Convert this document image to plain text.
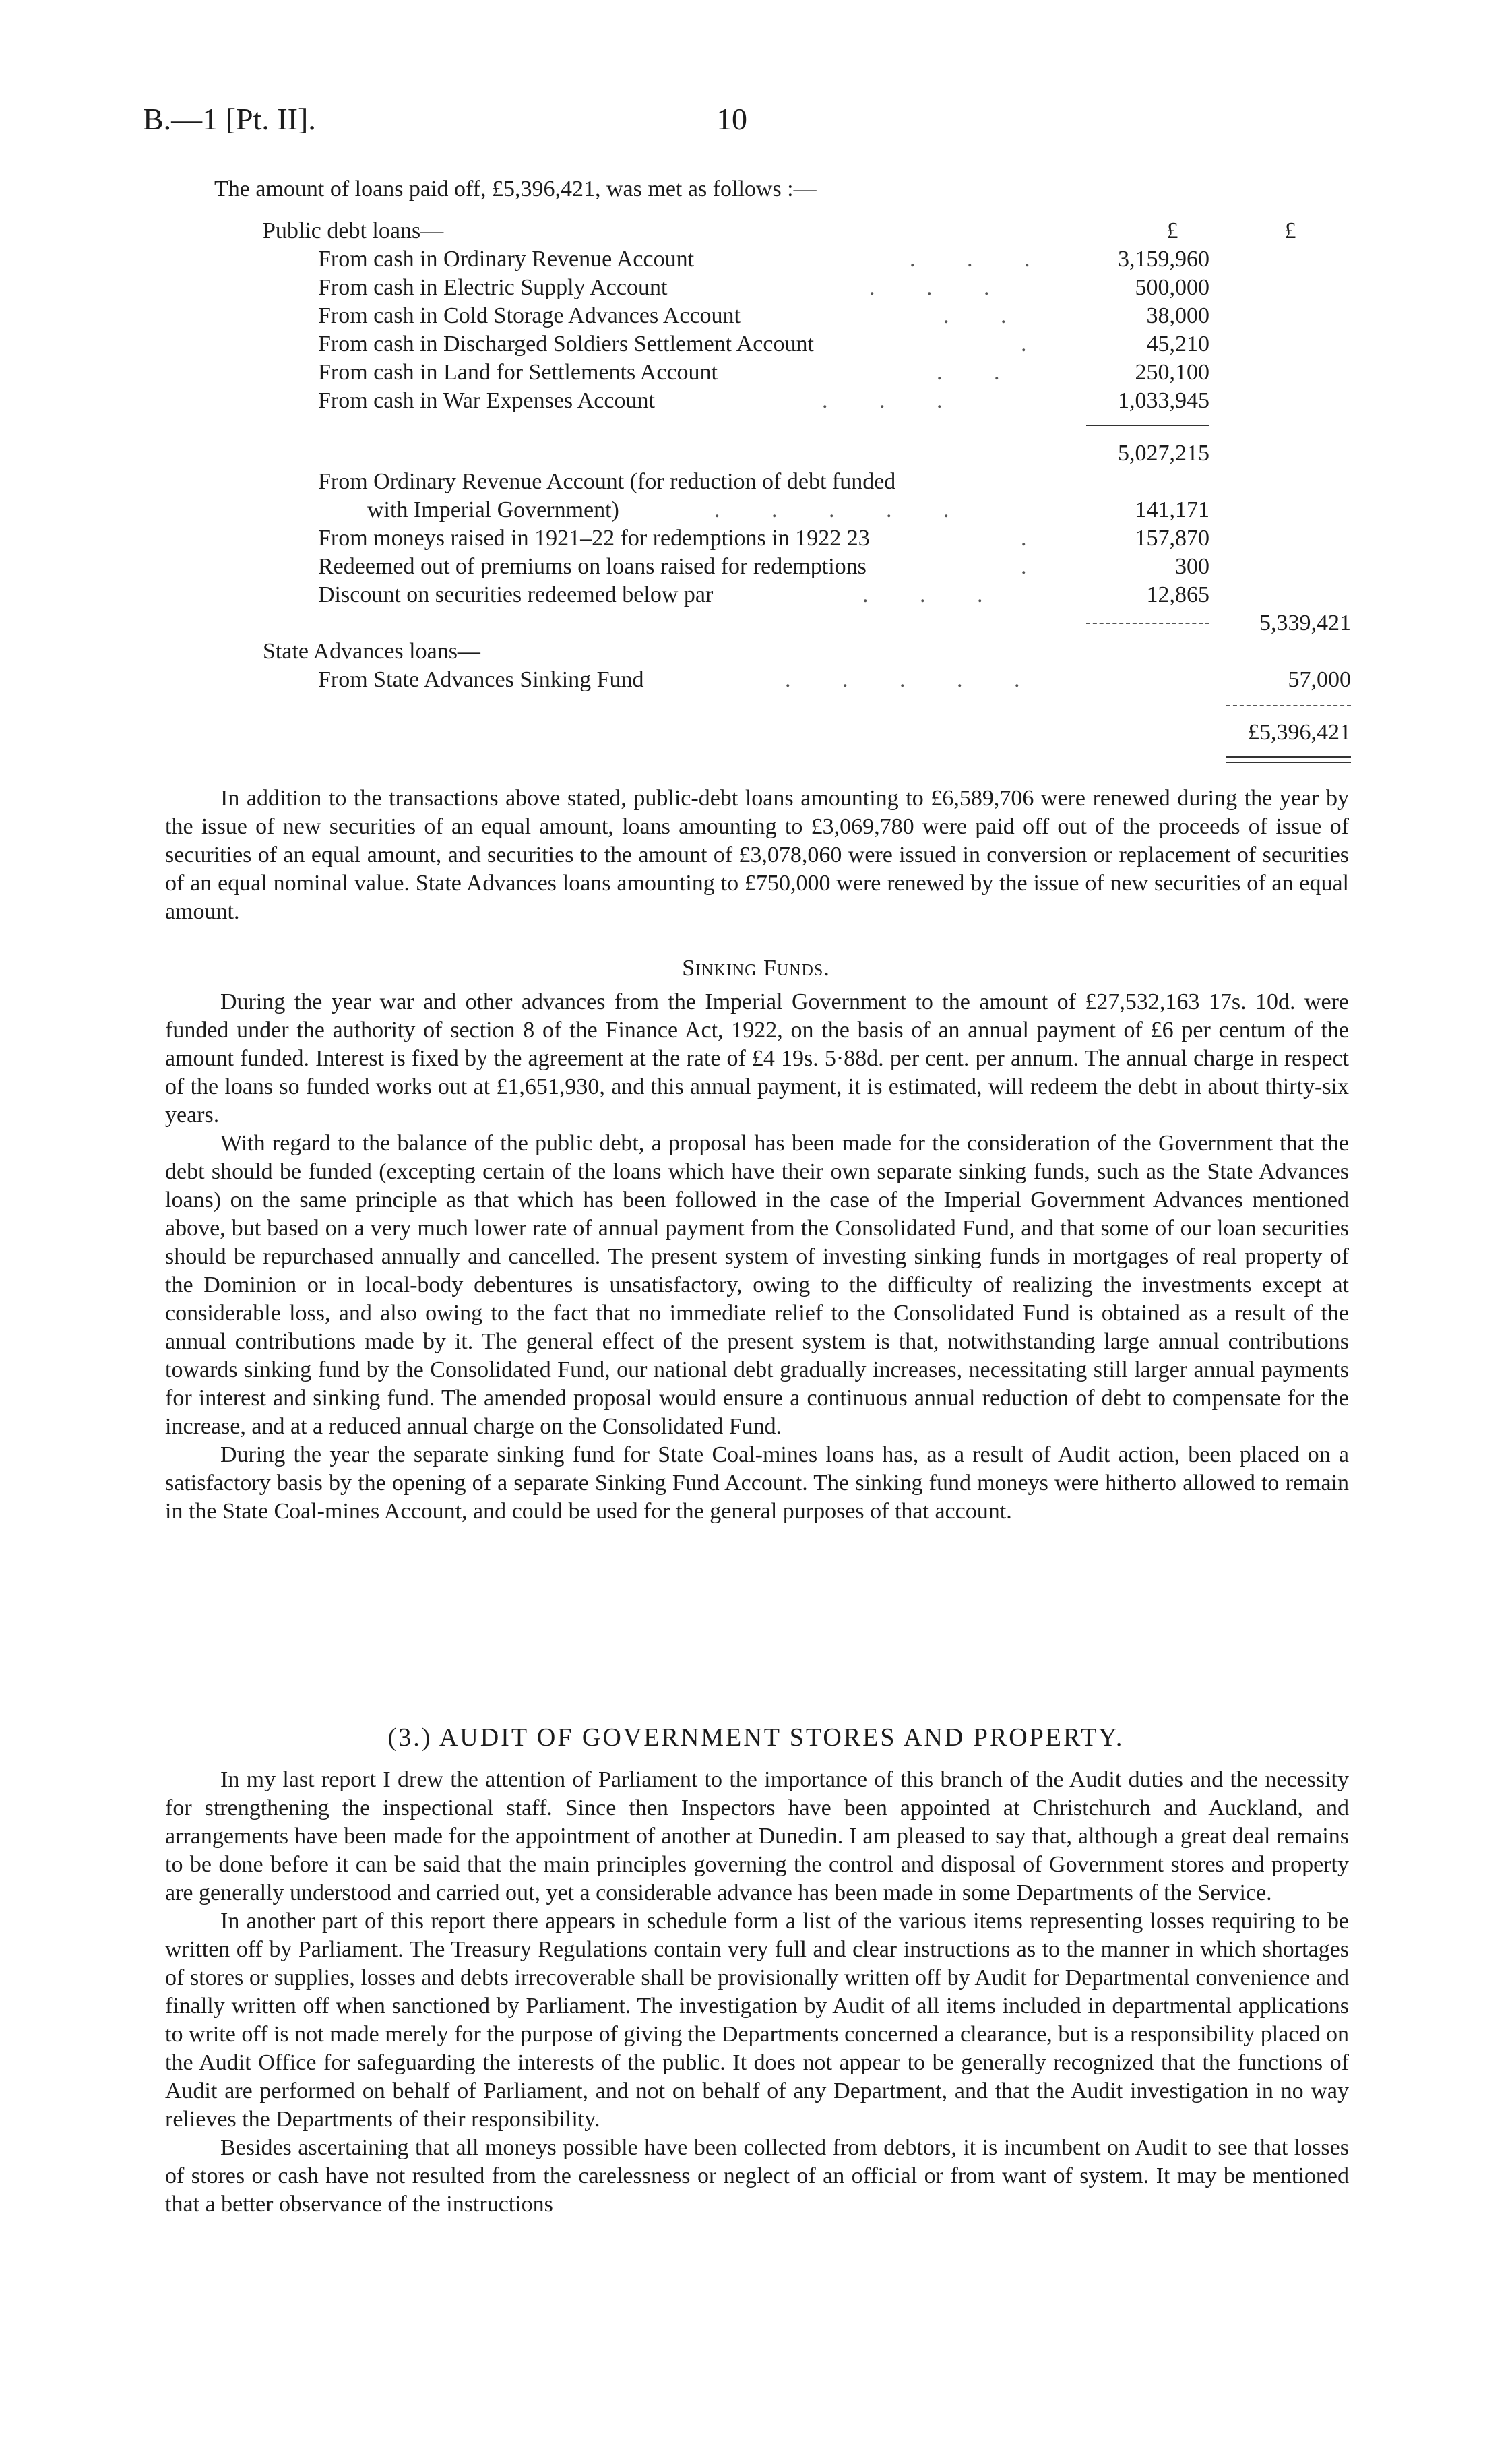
B.—1 [Pt. II].	10
The amount of loans paid off, £5,396,421, was met as follows :—
Public debt loans—	£	£
From cash in Ordinary Revenue Account	. . .	3,159,960
From cash in Electric Supply Account	. . .	500,000
From cash in Cold Storage Advances Account	. .	38,000
From cash in Discharged Soldiers Settlement Account	.	45,210
From cash in Land for Settlements Account	. .	250,100
From cash in War Expenses Account	. . .	1,033,945
5,027,215
From Ordinary Revenue Account (for reduction of debt funded
with Imperial Government)	. . . . .	141,171
From moneys raised in 1921–22 for redemptions in 1922 23	.	157,870
Redeemed out of premiums on loans raised for redemptions	.	300
Discount on securities redeemed below par	. . .	12,865
5,339,421
State Advances loans—
From State Advances Sinking Fund	. . . . .	57,000
£5,396,421

In addition to the transactions above stated, public-debt loans amounting to £6,589,706 were renewed during the year by the issue of new securities of an equal amount, loans amounting to £3,069,780 were paid off out of the proceeds of issue of securities of an equal amount, and securities to the amount of £3,078,060 were issued in conversion or replacement of securities of an equal nominal value. State Advances loans amounting to £750,000 were renewed by the issue of new securities of an equal amount.

Sinking Funds.

During the year war and other advances from the Imperial Government to the amount of £27,532,163 17s. 10d. were funded under the authority of section 8 of the Finance Act, 1922, on the basis of an annual payment of £6 per centum of the amount funded. Interest is fixed by the agreement at the rate of £4 19s. 5·88d. per cent. per annum. The annual charge in respect of the loans so funded works out at £1,651,930, and this annual payment, it is estimated, will redeem the debt in about thirty-six years.

With regard to the balance of the public debt, a proposal has been made for the consideration of the Government that the debt should be funded (excepting certain of the loans which have their own separate sinking funds, such as the State Advances loans) on the same principle as that which has been followed in the case of the Imperial Government Advances mentioned above, but based on a very much lower rate of annual payment from the Consolidated Fund, and that some of our loan securities should be repurchased annually and cancelled. The present system of investing sinking funds in mortgages of real property of the Dominion or in local-body debentures is unsatisfactory, owing to the difficulty of realizing the investments except at considerable loss, and also owing to the fact that no immediate relief to the Consolidated Fund is obtained as a result of the annual contributions made by it. The general effect of the present system is that, notwithstanding large annual contributions towards sinking fund by the Consolidated Fund, our national debt gradually increases, necessitating still larger annual payments for interest and sinking fund. The amended proposal would ensure a continuous annual reduction of debt to compensate for the increase, and at a reduced annual charge on the Consolidated Fund.

During the year the separate sinking fund for State Coal-mines loans has, as a result of Audit action, been placed on a satisfactory basis by the opening of a separate Sinking Fund Account. The sinking fund moneys were hitherto allowed to remain in the State Coal-mines Account, and could be used for the general purposes of that account.

(3.) AUDIT OF GOVERNMENT STORES AND PROPERTY.

In my last report I drew the attention of Parliament to the importance of this branch of the Audit duties and the necessity for strengthening the inspectional staff. Since then Inspectors have been appointed at Christchurch and Auckland, and arrangements have been made for the appointment of another at Dunedin. I am pleased to say that, although a great deal remains to be done before it can be said that the main principles governing the control and disposal of Government stores and property are generally understood and carried out, yet a considerable advance has been made in some Departments of the Service.

In another part of this report there appears in schedule form a list of the various items representing losses requiring to be written off by Parliament. The Treasury Regulations contain very full and clear instructions as to the manner in which shortages of stores or supplies, losses and debts irrecoverable shall be provisionally written off by Audit for Departmental convenience and finally written off when sanctioned by Parliament. The investigation by Audit of all items included in departmental applications to write off is not made merely for the purpose of giving the Departments concerned a clearance, but is a responsibility placed on the Audit Office for safeguarding the interests of the public. It does not appear to be generally recognized that the functions of Audit are performed on behalf of Parliament, and not on behalf of any Department, and that the Audit investigation in no way relieves the Departments of their responsibility.

Besides ascertaining that all moneys possible have been collected from debtors, it is incumbent on Audit to see that losses of stores or cash have not resulted from the carelessness or neglect of an official or from want of system. It may be mentioned that a better observance of the instructions
